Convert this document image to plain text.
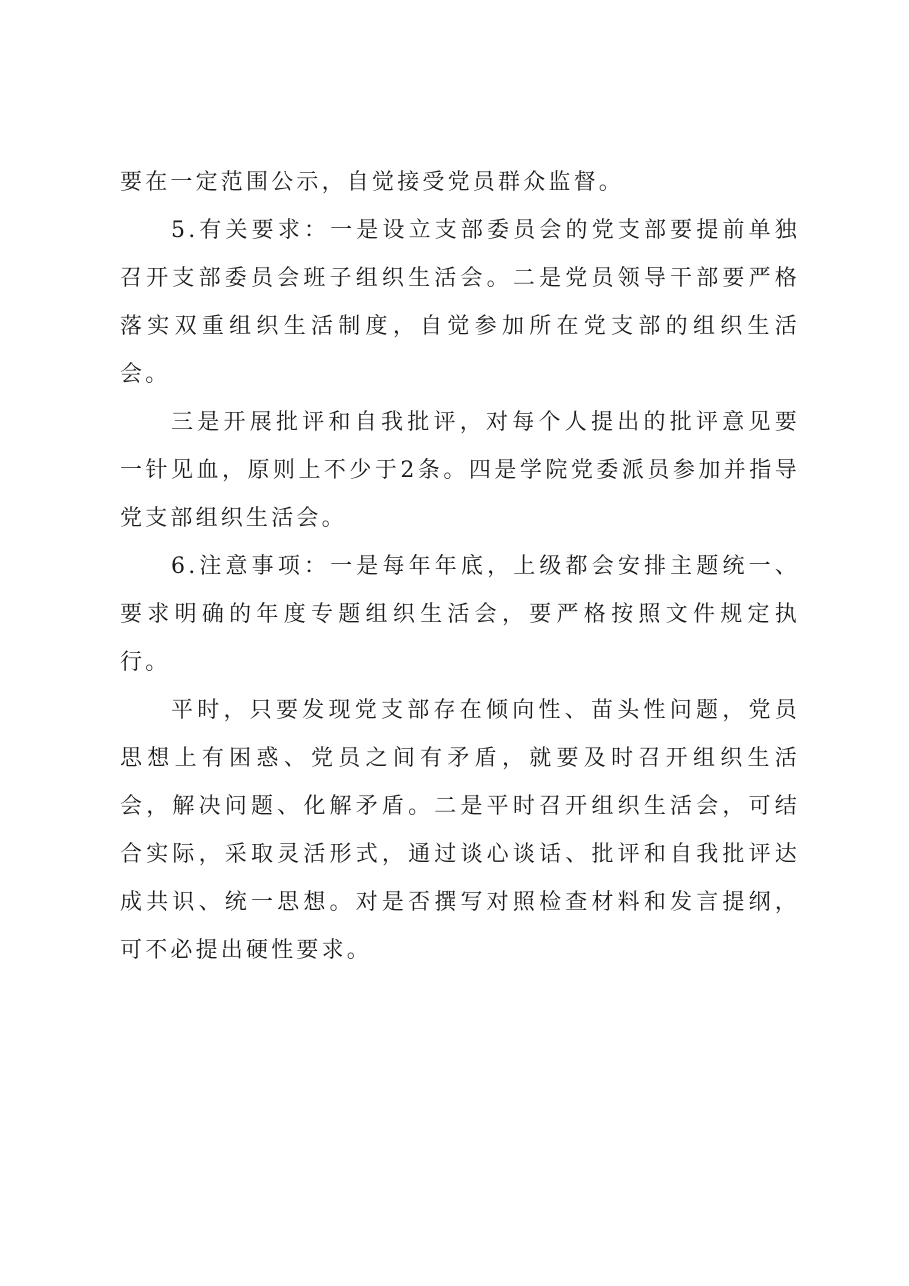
要在一定范围公示，自觉接受党员群众监督。

5.有关要求：一是设立支部委员会的党支部要提前单独召开支部委员会班子组织生活会。二是党员领导干部要严格落实双重组织生活制度，自觉参加所在党支部的组织生活会。

三是开展批评和自我批评，对每个人提出的批评意见要一针见血，原则上不少于2条。四是学院党委派员参加并指导党支部组织生活会。

6.注意事项：一是每年年底，上级都会安排主题统一、要求明确的年度专题组织生活会，要严格按照文件规定执行。

平时，只要发现党支部存在倾向性、苗头性问题，党员思想上有困惑、党员之间有矛盾，就要及时召开组织生活会，解决问题、化解矛盾。二是平时召开组织生活会，可结合实际，采取灵活形式，通过谈心谈话、批评和自我批评达成共识、统一思想。对是否撰写对照检查材料和发言提纲，可不必提出硬性要求。
